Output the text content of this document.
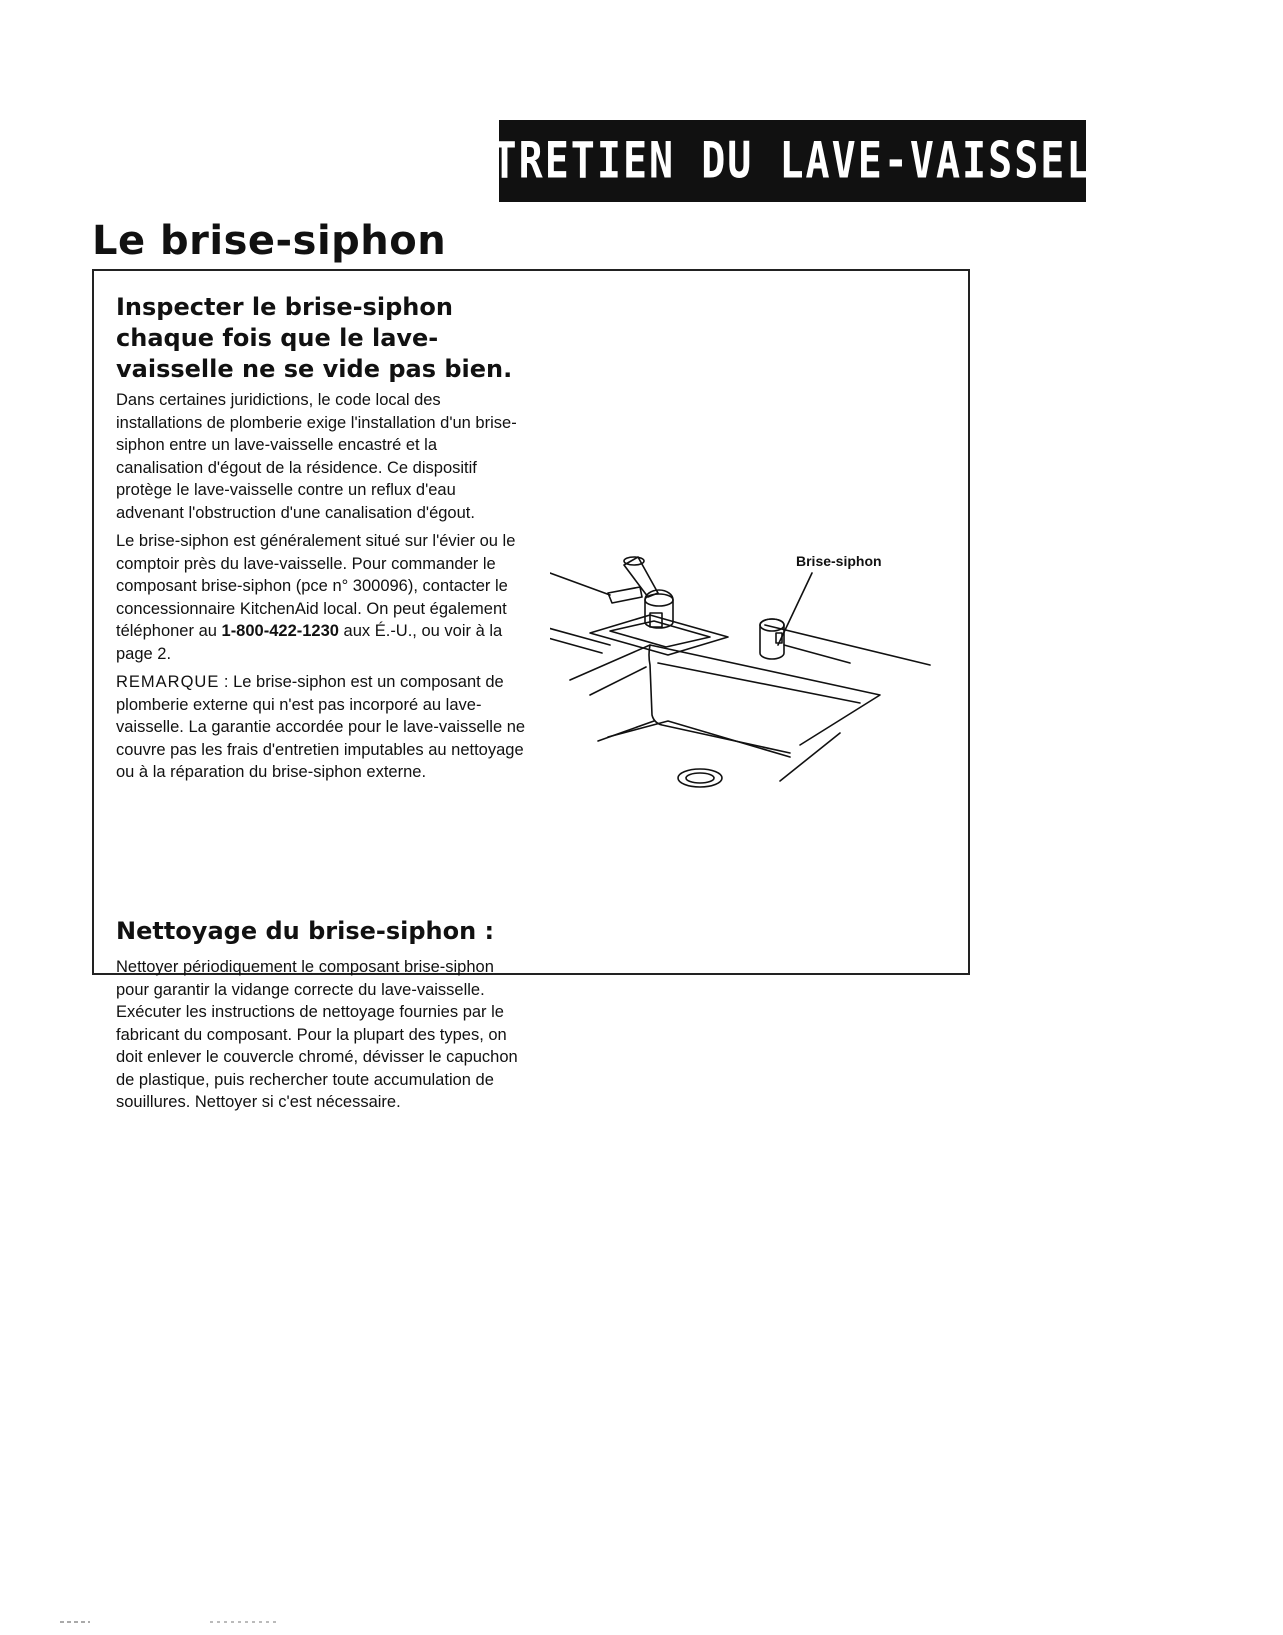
ENTRETIEN DU LAVE-VAISSELLE
Le brise-siphon
Inspecter le brise-siphon chaque fois que le lave-vaisselle ne se vide pas bien.

Dans certaines juridictions, le code local des installations de plomberie exige l'installation d'un brise-siphon entre un lave-vaisselle encastré et la canalisation d'égout de la résidence. Ce dispositif protège le lave-vaisselle contre un reflux d'eau advenant l'obstruction d'une canalisation d'égout.

Le brise-siphon est généralement situé sur l'évier ou le comptoir près du lave-vaisselle. Pour commander le composant brise-siphon (pce n° 300096), contacter le concessionnaire KitchenAid local. On peut également téléphoner au 1-800-422-1230 aux É.-U., ou voir à la page 2.

REMARQUE : Le brise-siphon est un composant de plomberie externe qui n'est pas incorporé au lave-vaisselle. La garantie accordée pour le lave-vaisselle ne couvre pas les frais d'entretien imputables au nettoyage ou à la réparation du brise-siphon externe.

Nettoyage du brise-siphon :

Nettoyer périodiquement le composant brise-siphon pour garantir la vidange correcte du lave-vaisselle. Exécuter les instructions de nettoyage fournies par le fabricant du composant. Pour la plupart des types, on doit enlever le couvercle chromé, dévisser le capuchon de plastique, puis rechercher toute accumulation de souillures. Nettoyer si c'est nécessaire.

Brise-siphon
